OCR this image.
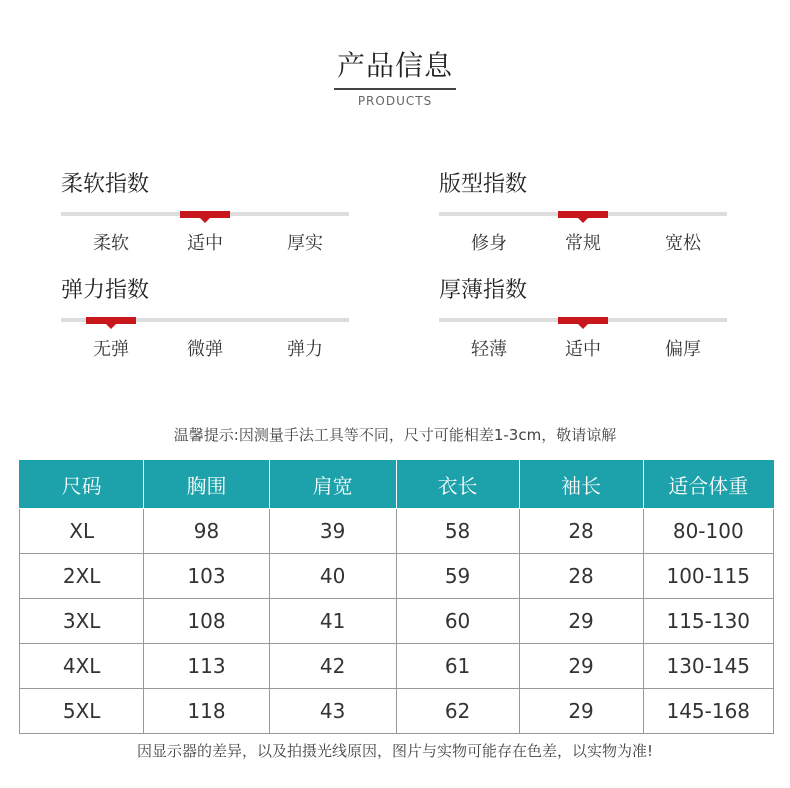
产品信息
PRODUCTS
柔软指数
柔软	适中	厚实
版型指数
修身	常规	宽松
弹力指数
无弹	微弹	弹力
厚薄指数
轻薄	适中	偏厚
温馨提示:因测量手法工具等不同，尺寸可能相差1-3cm，敬请谅解
尺码	胸围	肩宽	衣长	袖长	适合体重
XL	98	39	58	28	80-100
2XL	103	40	59	28	100-115
3XL	108	41	60	29	115-130
4XL	113	42	61	29	130-145
5XL	118	43	62	29	145-168
因显示器的差异，以及拍摄光线原因，图片与实物可能存在色差，以实物为准!
